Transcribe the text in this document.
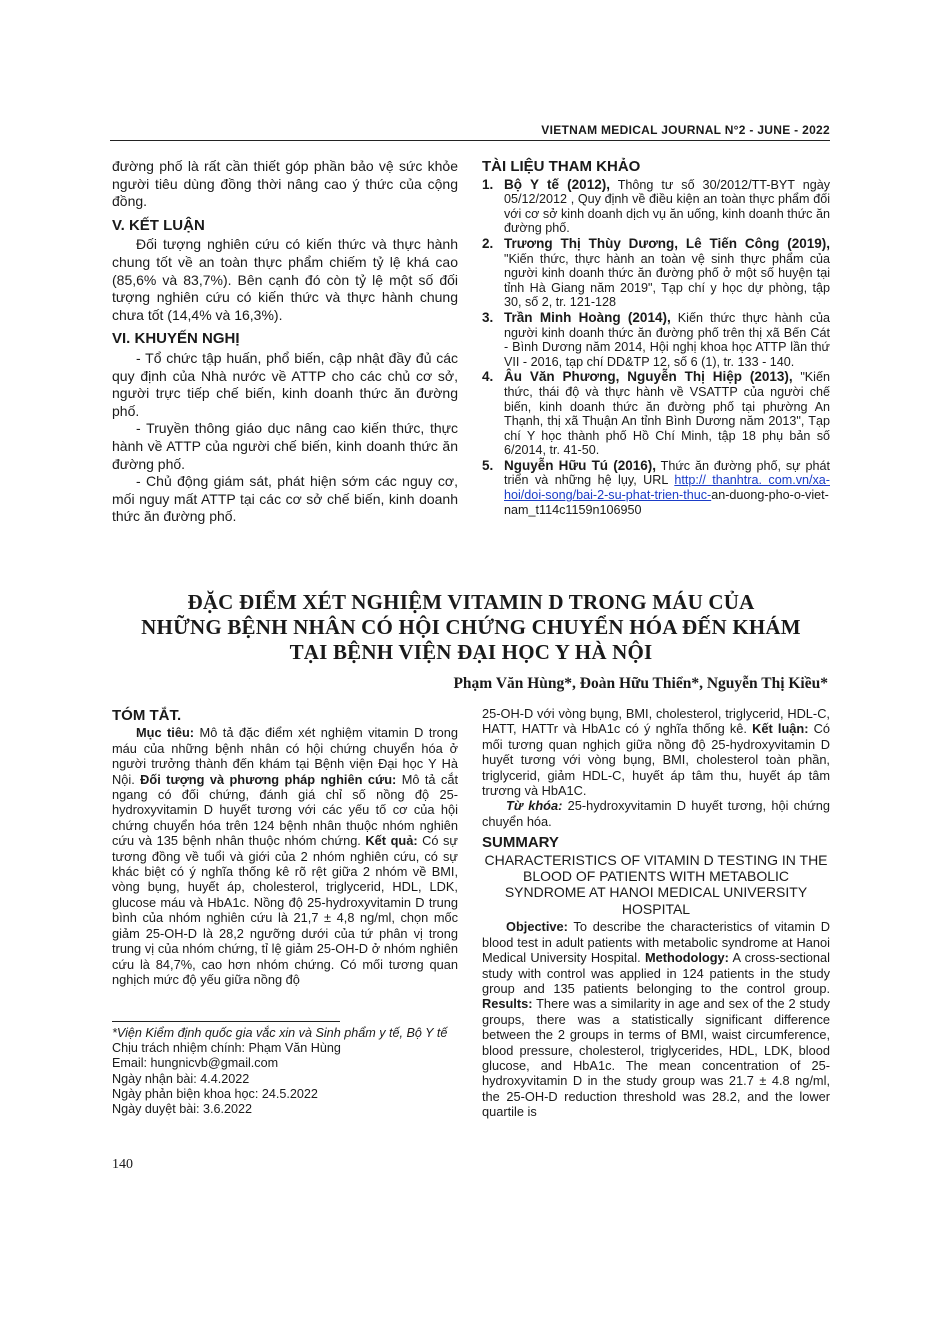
VIETNAM MEDICAL JOURNAL N°2 - JUNE - 2022

đường phố là rất cần thiết góp phần bảo vệ sức khỏe người tiêu dùng đồng thời nâng cao ý thức của cộng đồng.

V. KẾT LUẬN

Đối tượng nghiên cứu có kiến thức và thực hành chung tốt về an toàn thực phẩm chiếm tỷ lệ khá cao (85,6% và 83,7%). Bên cạnh đó còn tỷ lệ một số đối tượng nghiên cứu có kiến thức và thực hành chung chưa tốt (14,4% và 16,3%).

VI. KHUYẾN NGHỊ

- Tổ chức tập huấn, phổ biến, cập nhật đầy đủ các quy định của Nhà nước về ATTP cho các chủ cơ sở, người trực tiếp chế biến, kinh doanh thức ăn đường phố.

- Truyền thông giáo dục nâng cao kiến thức, thực hành về ATTP của người chế biến, kinh doanh thức ăn đường phố.

- Chủ động giám sát, phát hiện sớm các nguy cơ, mối nguy mất ATTP tại các cơ sở chế biến, kinh doanh thức ăn đường phố.

TÀI LIỆU THAM KHẢO
1. Bộ Y tế (2012), Thông tư số 30/2012/TT-BYT ngày 05/12/2012 , Quy định về điều kiện an toàn thực phẩm đối với cơ sở kinh doanh dịch vụ ăn uống, kinh doanh thức ăn đường phố.
2. Trương Thị Thùy Dương, Lê Tiến Công (2019), "Kiến thức, thực hành an toàn vệ sinh thực phẩm của người kinh doanh thức ăn đường phố ở một số huyện tại tỉnh Hà Giang năm 2019", Tạp chí y học dự phòng, tập 30, số 2, tr. 121-128
3. Trần Minh Hoàng (2014), Kiến thức thực hành của người kinh doanh thức ăn đường phố trên thị xã Bến Cát - Bình Dương năm 2014, Hội nghị khoa học ATTP lần thứ VII - 2016, tạp chí DD&TP 12, số 6 (1), tr. 133 - 140.
4. Âu Văn Phương, Nguyễn Thị Hiệp (2013), "Kiến thức, thái độ và thực hành về VSATTP của người chế biến, kinh doanh thức ăn đường phố tại phường An Thạnh, thị xã Thuận An tỉnh Bình Dương năm 2013", Tạp chí Y học thành phố Hồ Chí Minh, tập 18 phụ bản số 6/2014, tr. 41-50.
5. Nguyễn Hữu Tú (2016), Thức ăn đường phố, sự phát triển và những hệ lụy, URL http:// thanhtra. com.vn/xa-hoi/doi-song/bai-2-su-phat-trien-thuc-an-duong-pho-o-viet-nam_t114c1159n106950
ĐẶC ĐIỂM XÉT NGHIỆM VITAMIN D TRONG MÁU CỦA
NHỮNG BỆNH NHÂN CÓ HỘI CHỨNG CHUYỂN HÓA ĐẾN KHÁM
TẠI BỆNH VIỆN ĐẠI HỌC Y HÀ NỘI
Phạm Văn Hùng*, Đoàn Hữu Thiển*, Nguyễn Thị Kiều*
TÓM TẮT.

Mục tiêu: Mô tả đặc điểm xét nghiệm vitamin D trong máu của những bệnh nhân có hội chứng chuyển hóa ở người trưởng thành đến khám tại Bệnh viện Đại học Y Hà Nội. Đối tượng và phương pháp nghiên cứu: Mô tả cắt ngang có đối chứng, đánh giá chỉ số nồng độ 25-hydroxyvitamin D huyết tương với các yếu tố cơ của hội chứng chuyển hóa trên 124 bệnh nhân thuộc nhóm nghiên cứu và 135 bệnh nhân thuộc nhóm chứng. Kết quả: Có sự tương đồng về tuổi và giới của 2 nhóm nghiên cứu, có sự khác biệt có ý nghĩa thống kê rõ rệt giữa 2 nhóm về BMI, vòng bụng, huyết áp, cholesterol, triglycerid, HDL, LDK, glucose máu và HbA1c. Nồng độ 25-hydroxyvitamin D trung bình của nhóm nghiên cứu là 21,7 ± 4,8 ng/ml, chọn mốc giảm 25-OH-D là 28,2 ngưỡng dưới của tứ phân vị trong trung vị của nhóm chứng, tỉ lệ giảm 25-OH-D ở nhóm nghiên cứu là 84,7%, cao hơn nhóm chứng. Có mối tương quan nghịch mức độ yếu giữa nồng độ

*Viện Kiểm định quốc gia vắc xin và Sinh phẩm y tế, Bộ Y tế
Chịu trách nhiệm chính: Phạm Văn Hùng
Email: hungnicvb@gmail.com
Ngày nhận bài: 4.4.2022
Ngày phản biện khoa học: 24.5.2022
Ngày duyệt bài: 3.6.2022

25-OH-D với vòng bụng, BMI, cholesterol, triglycerid, HDL-C, HATT, HATTr và HbA1c có ý nghĩa thống kê. Kết luận: Có mối tương quan nghịch giữa nồng độ 25-hydroxyvitamin D huyết tương với vòng bụng, BMI, cholesterol toàn phần, triglycerid, giảm HDL-C, huyết áp tâm thu, huyết áp tâm trương và HbA1C.

Từ khóa: 25-hydroxyvitamin D huyết tương, hội chứng chuyển hóa.

SUMMARY
CHARACTERISTICS OF VITAMIN D TESTING IN THE BLOOD OF PATIENTS WITH METABOLIC SYNDROME AT HANOI MEDICAL UNIVERSITY HOSPITAL

Objective: To describe the characteristics of vitamin D blood test in adult patients with metabolic syndrome at Hanoi Medical University Hospital. Methodology: A cross-sectional study with control was applied in 124 patients in the study group and 135 patients belonging to the control group. Results: There was a similarity in age and sex of the 2 study groups, there was a statistically significant difference between the 2 groups in terms of BMI, waist circumference, blood pressure, cholesterol, triglycerides, HDL, LDK, blood glucose, and HbA1c. The mean concentration of 25-hydroxyvitamin D in the study group was 21.7 ± 4.8 ng/ml, the 25-OH-D reduction threshold was 28.2, and the lower quartile is

140
